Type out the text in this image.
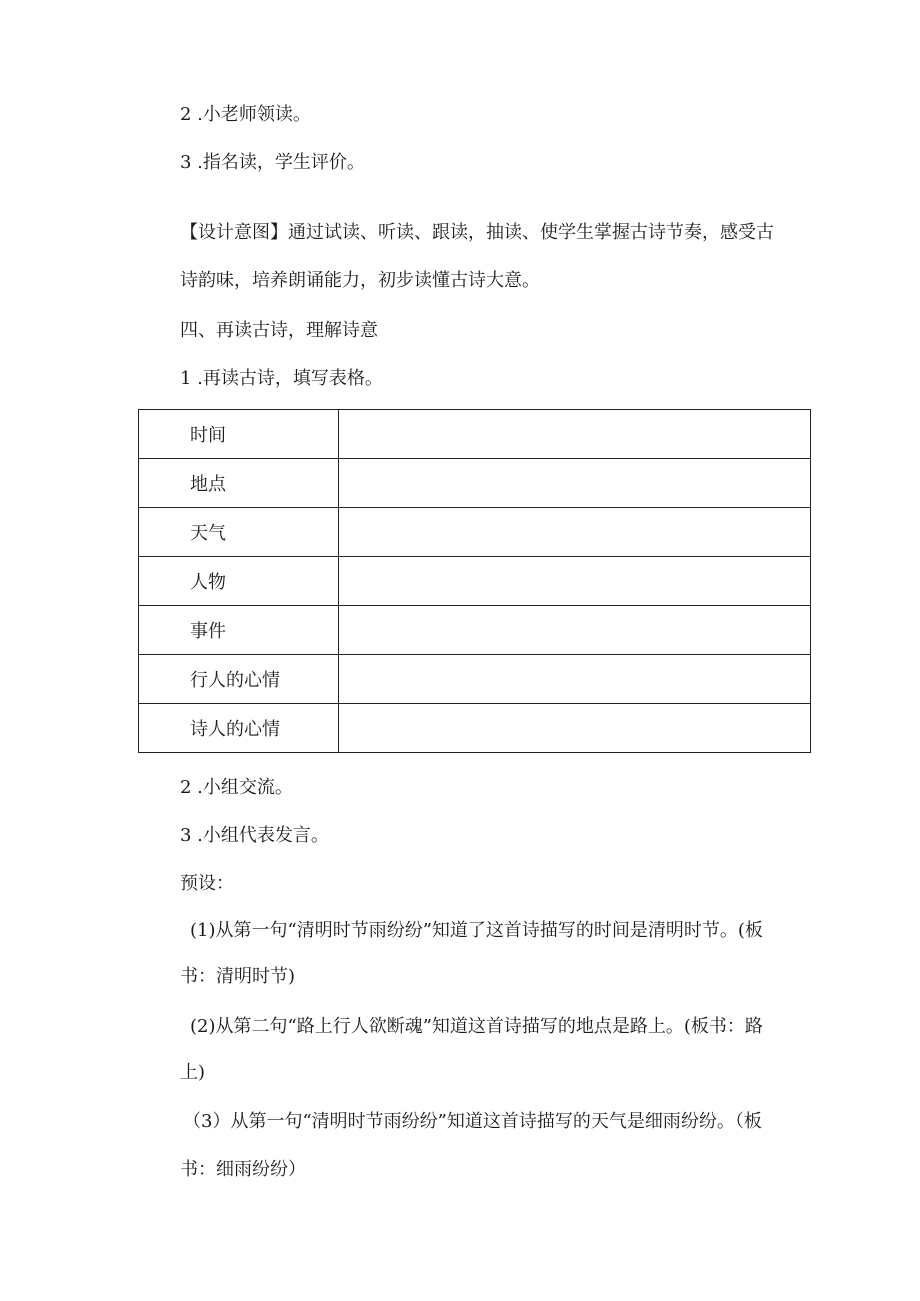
2 .小老师领读。
3 .指名读，学生评价。
【设计意图】通过试读、听读、跟读，抽读、使学生掌握古诗节奏，感受古
诗韵味，培养朗诵能力，初步读懂古诗大意。
四、再读古诗，理解诗意
1 .再读古诗，填写表格。
时间	
地点	
天气	
人物	
事件	
行人的心情	
诗人的心情	
2 .小组交流。
3 .小组代表发言。
预设：
(1)从第一句“清明时节雨纷纷”知道了这首诗描写的时间是清明时节。(板
书：清明时节)
(2)从第二句“路上行人欲断魂”知道这首诗描写的地点是路上。(板书：路
上)
（3）从第一句“清明时节雨纷纷”知道这首诗描写的天气是细雨纷纷。（板
书：细雨纷纷）
